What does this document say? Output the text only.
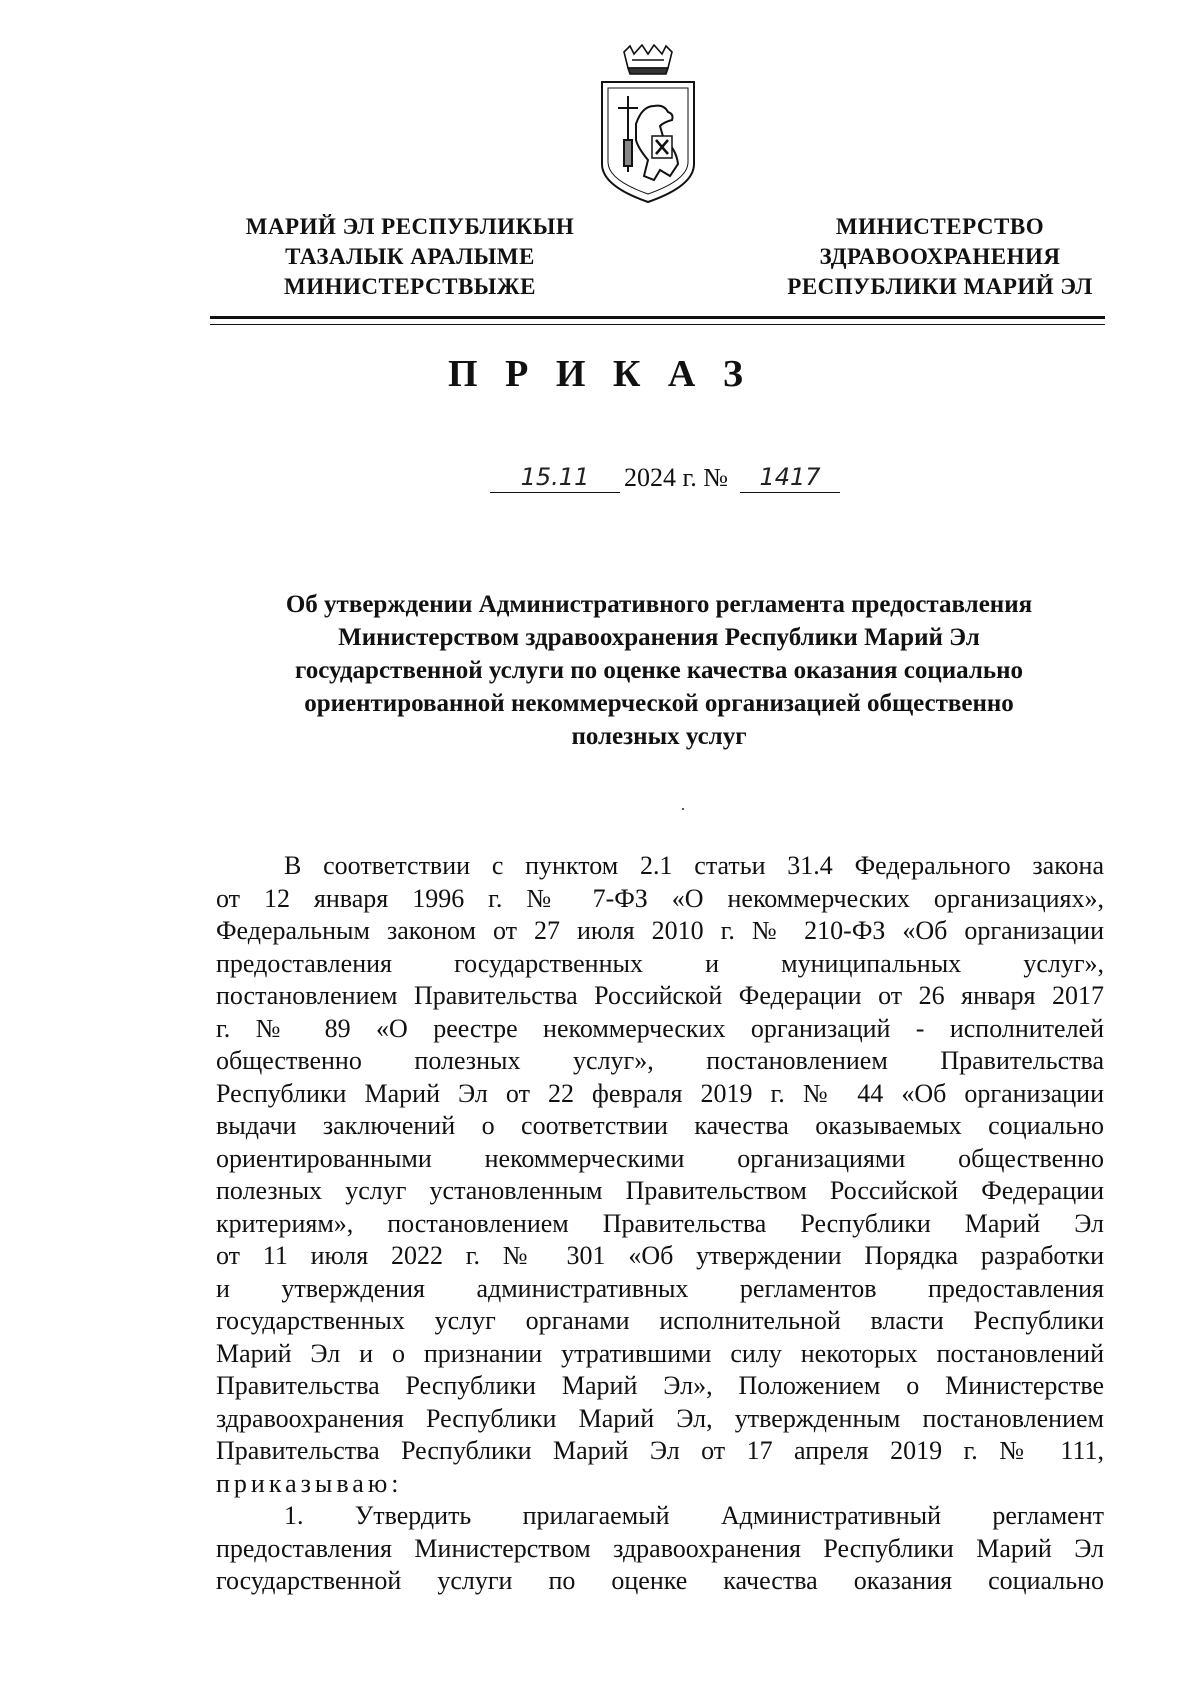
МАРИЙ ЭЛ РЕСПУБЛИКЫН
ТАЗАЛЫК АРАЛЫМЕ
МИНИСТЕРСТВЫЖЕ
МИНИСТЕРСТВО
ЗДРАВООХРАНЕНИЯ
РЕСПУБЛИКИ МАРИЙ ЭЛ
П Р И К А З
15.11	2024 г. №	1417
Об утверждении Административного регламента предоставления
Министерством здравоохранения Республики Марий Эл
государственной услуги по оценке качества оказания социально
ориентированной некоммерческой организацией общественно
полезных услуг
В соответствии с пунктом 2.1 статьи 31.4 Федерального закона
от 12 января 1996 г. № 7-ФЗ «О некоммерческих организациях»,
Федеральным законом от 27 июля 2010 г. № 210-ФЗ «Об организации
предоставления государственных и муниципальных услуг»,
постановлением Правительства Российской Федерации от 26 января 2017
г. № 89 «О реестре некоммерческих организаций - исполнителей
общественно полезных услуг», постановлением Правительства
Республики Марий Эл от 22 февраля 2019 г. № 44 «Об организации
выдачи заключений о соответствии качества оказываемых социально
ориентированными некоммерческими организациями общественно
полезных услуг установленным Правительством Российской Федерации
критериям», постановлением Правительства Республики Марий Эл
от 11 июля 2022 г. № 301 «Об утверждении Порядка разработки
и утверждения административных регламентов предоставления
государственных услуг органами исполнительной власти Республики
Марий Эл и о признании утратившими силу некоторых постановлений
Правительства Республики Марий Эл», Положением о Министерстве
здравоохранения Республики Марий Эл, утвержденным постановлением
Правительства Республики Марий Эл от 17 апреля 2019 г. № 111,
приказываю:
1. Утвердить прилагаемый Административный регламент
предоставления Министерством здравоохранения Республики Марий Эл
государственной услуги по оценке качества оказания социально
